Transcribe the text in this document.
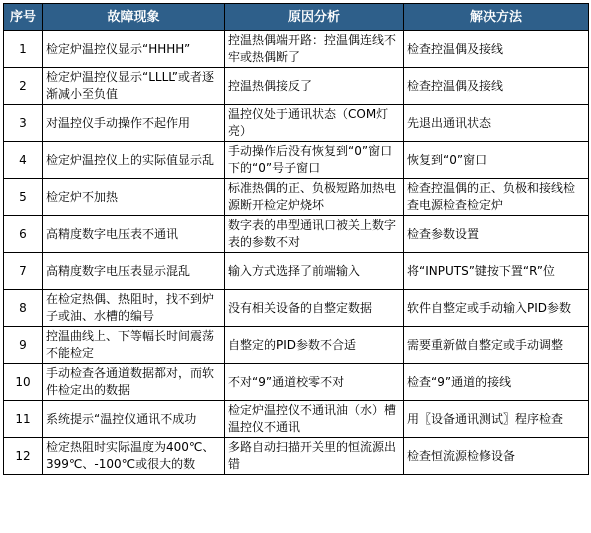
序号	故障现象	原因分析	解决方法
1	检定炉温控仪显示“HHHH”	控温热偶端开路：控温偶连线不牢或热偶断了	检查控温偶及接线
2	检定炉温控仪显示“LLLL”或者逐渐减小至负值	控温热偶接反了	检查控温偶及接线
3	对温控仪手动操作不起作用	温控仪处于通讯状态（COM灯亮）	先退出通讯状态
4	检定炉温控仪上的实际值显示乱	手动操作后没有恢复到“0”窗口下的“0”号子窗口	恢复到“0”窗口
5	检定炉不加热	标准热偶的正、负极短路加热电源断开检定炉烧坏	检查控温偶的正、负极和接线检查电源检查检定炉
6	高精度数字电压表不通讯	数字表的串型通讯口被关上数字表的参数不对	检查参数设置
7	高精度数字电压表显示混乱	输入方式选择了前端输入	将“INPUTS”键按下置“R”位
8	在检定热偶、热阻时，找不到炉子或油、水槽的编号	没有相关设备的自整定数据	软件自整定或手动输入PID参数
9	控温曲线上、下等幅长时间震荡不能检定	自整定的PID参数不合适	需要重新做自整定或手动调整
10	手动检查各通道数据都对，而软件检定出的数据	不对“9”通道校零不对	检查“9”通道的接线
11	系统提示“温控仪通讯不成功	检定炉温控仪不通讯油（水）槽温控仪不通讯	用〖设备通讯测试〗程序检查
12	检定热阻时实际温度为400℃、399℃、-100℃或很大的数	多路自动扫描开关里的恒流源出错	检查恒流源检修设备
